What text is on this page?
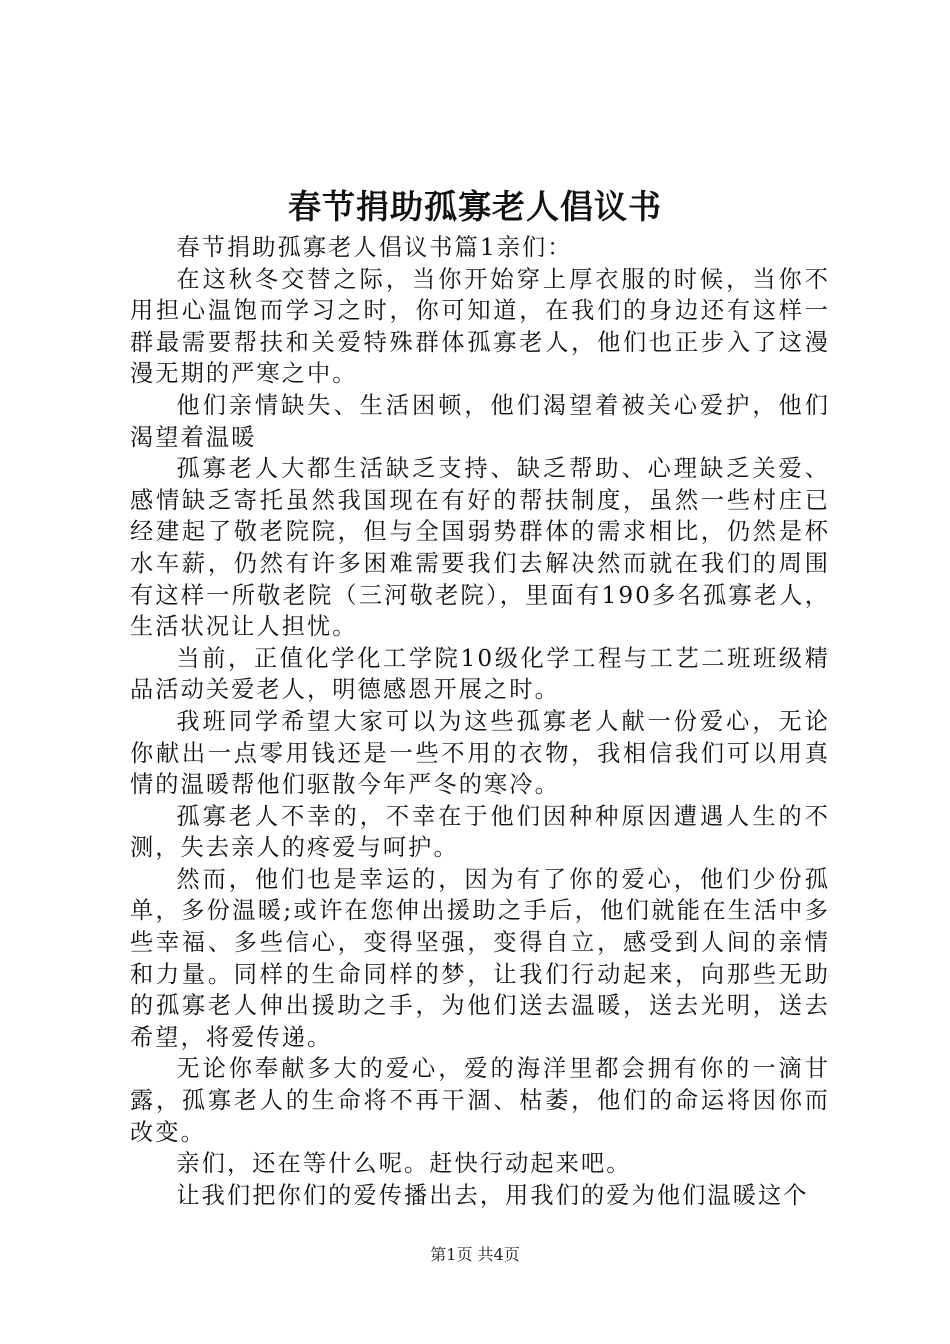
春节捐助孤寡老人倡议书

春节捐助孤寡老人倡议书篇1亲们：

在这秋冬交替之际，当你开始穿上厚衣服的时候，当你不用担心温饱而学习之时，你可知道，在我们的身边还有这样一群最需要帮扶和关爱特殊群体孤寡老人，他们也正步入了这漫漫无期的严寒之中。

他们亲情缺失、生活困顿，他们渴望着被关心爱护，他们渴望着温暖

孤寡老人大都生活缺乏支持、缺乏帮助、心理缺乏关爱、感情缺乏寄托虽然我国现在有好的帮扶制度，虽然一些村庄已经建起了敬老院院，但与全国弱势群体的需求相比，仍然是杯水车薪，仍然有许多困难需要我们去解决然而就在我们的周围有这样一所敬老院（三河敬老院），里面有190多名孤寡老人，生活状况让人担忧。

当前，正值化学化工学院10级化学工程与工艺二班班级精品活动关爱老人，明德感恩开展之时。

我班同学希望大家可以为这些孤寡老人献一份爱心，无论你献出一点零用钱还是一些不用的衣物，我相信我们可以用真情的温暖帮他们驱散今年严冬的寒冷。

孤寡老人不幸的，不幸在于他们因种种原因遭遇人生的不测，失去亲人的疼爱与呵护。

然而，他们也是幸运的，因为有了你的爱心，他们少份孤单，多份温暖;或许在您伸出援助之手后，他们就能在生活中多些幸福、多些信心，变得坚强，变得自立，感受到人间的亲情和力量。同样的生命同样的梦，让我们行动起来，向那些无助的孤寡老人伸出援助之手，为他们送去温暖，送去光明，送去希望，将爱传递。

无论你奉献多大的爱心，爱的海洋里都会拥有你的一滴甘露，孤寡老人的生命将不再干涸、枯萎，他们的命运将因你而改变。

亲们，还在等什么呢。赶快行动起来吧。

让我们把你们的爱传播出去，用我们的爱为他们温暖这个

第1页 共4页
